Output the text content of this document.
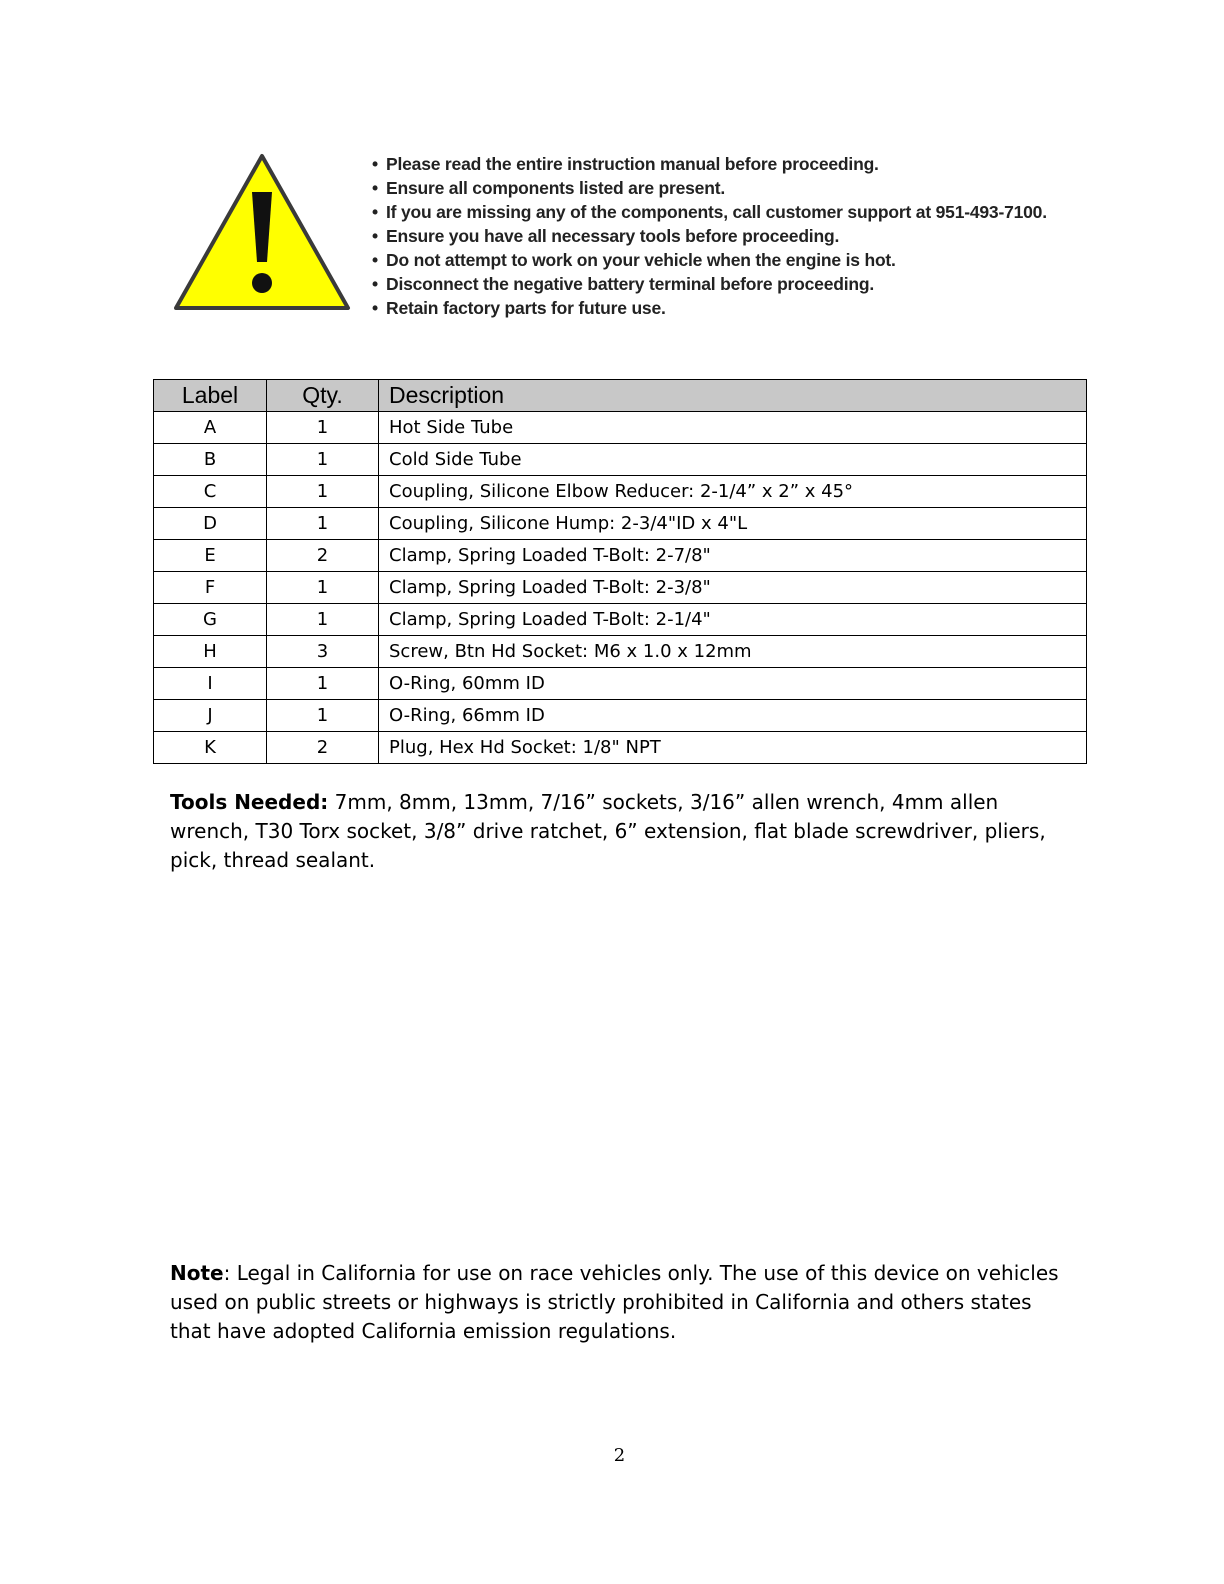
• Please read the entire instruction manual before proceeding.
• Ensure all components listed are present.
• If you are missing any of the components, call customer support at 951-493-7100.
• Ensure you have all necessary tools before proceeding.
• Do not attempt to work on your vehicle when the engine is hot.
• Disconnect the negative battery terminal before proceeding.
• Retain factory parts for future use.
Label	Qty.	Description
A	1	Hot Side Tube
B	1	Cold Side Tube
C	1	Coupling, Silicone Elbow Reducer: 2-1/4” x 2” x 45°
D	1	Coupling, Silicone Hump: 2-3/4"ID x 4"L
E	2	Clamp, Spring Loaded T-Bolt: 2-7/8"
F	1	Clamp, Spring Loaded T-Bolt: 2-3/8"
G	1	Clamp, Spring Loaded T-Bolt: 2-1/4"
H	3	Screw, Btn Hd Socket: M6 x 1.0 x 12mm
I	1	O-Ring, 60mm ID
J	1	O-Ring, 66mm ID
K	2	Plug, Hex Hd Socket: 1/8" NPT

Tools Needed: 7mm, 8mm, 13mm, 7/16” sockets, 3/16” allen wrench, 4mm allen wrench, T30 Torx socket, 3/8” drive ratchet, 6” extension, flat blade screwdriver, pliers, pick, thread sealant.

Note: Legal in California for use on race vehicles only. The use of this device on vehicles used on public streets or highways is strictly prohibited in California and others states that have adopted California emission regulations.

2
